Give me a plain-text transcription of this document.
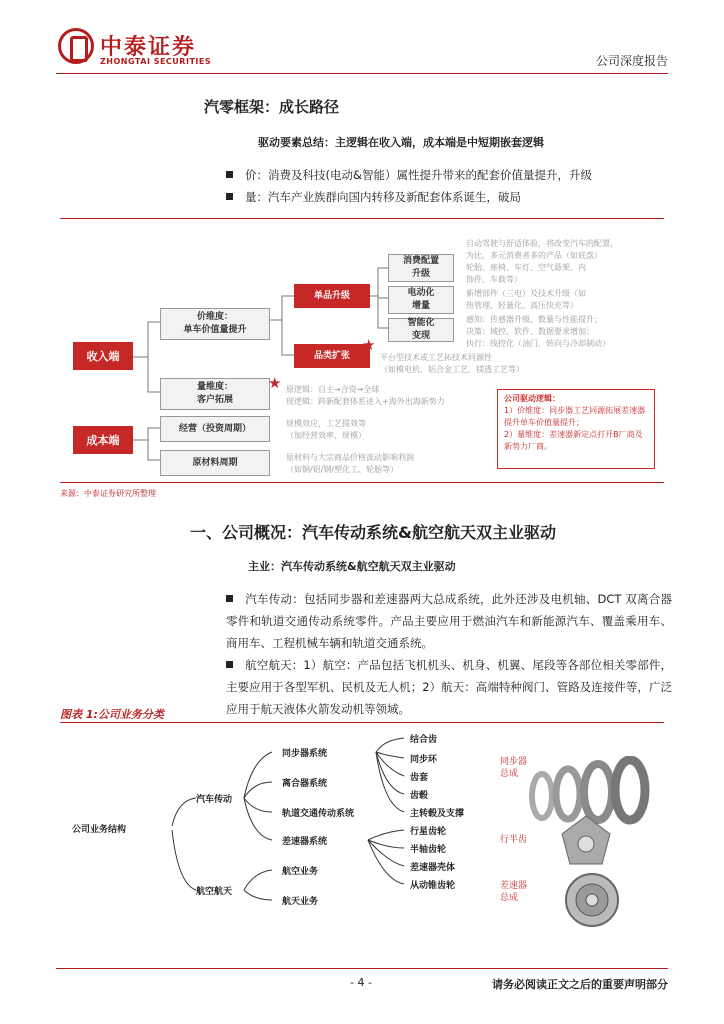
中泰证券
ZHONGTAI SECURITIES	公司深度报告
汽零框架：成长路径
驱动要素总结：主逻辑在收入端，成本端是中短期嵌套逻辑
价：消费及科技(电动&智能）属性提升带来的配套价值量提升，升级
量：汽车产业族群向国内转移及新配套体系诞生，破局
收入端
成本端
价维度：
单车价值量提升
量维度：
客户拓展
经营（投资周期）
原材料周期
单品升级
品类扩张
★
消费配置
升级
电动化
增量
智能化
变现
自动驾驶与舒适体验，将改变汽车的配置，
为比，多元消费者多的产品（如底盘）
轮胎、座椅、车灯、空气悬架、内
饰件，车载等）
新增部件（三电）及技术升级（如
热管理、轻量化、高压快充等）
感知：传感器升级、数量与性能提升；
决策：域控、软件、数据要求增加；
执行：线控化（油门、转向与冷却制动）
平台型技术或工艺拓技术同源性
（如模电机、铝合金工艺、镁透工艺等）
★ 原逻辑：自主→合资→全球
现逻辑：跨新配套体系进入+海外出海新势力
规模效应，工艺提效等
（加经营效率、规模）
原材料与大宗商品价格波动影响利润
（如铜/铝/钢/塑化工、轮胎等）
公司驱动逻辑：
1）价维度：同步器工艺同源拓展差速器提升单车价值量提升；
2）量维度：差速器新定点打开B厂商及新势力厂商。
来源：中泰证券研究所整理
一、公司概况：汽车传动系统&航空航天双主业驱动
主业：汽车传动系统&航空航天双主业驱动
汽车传动：包括同步器和差速器两大总成系统，此外还涉及电机轴、DCT 双离合器零件和轨道交通传动系统零件。产品主要应用于燃油汽车和新能源汽车、覆盖乘用车、商用车、工程机械车辆和轨道交通系统。
航空航天：1）航空：产品包括飞机机头、机身、机翼、尾段等各部位相关零部件，主要应用于各型军机、民机及无人机；2）航天：高端特种阀门、管路及连接件等，广泛应用于航天液体火箭发动机等领域。
图表 1:公司业务分类
公司业务结构
汽车传动
航空航天
同步器系统
离合器系统
轨道交通传动系统
差速器系统
航空业务
航天业务
结合齿
同步环
齿套
齿毂
主转毂及支撑
行星齿轮
半轴齿轮
差速器壳体
从动锥齿轮
同步器
总成
行半齿
差速器
总成
- 4 -	请务必阅读正文之后的重要声明部分
